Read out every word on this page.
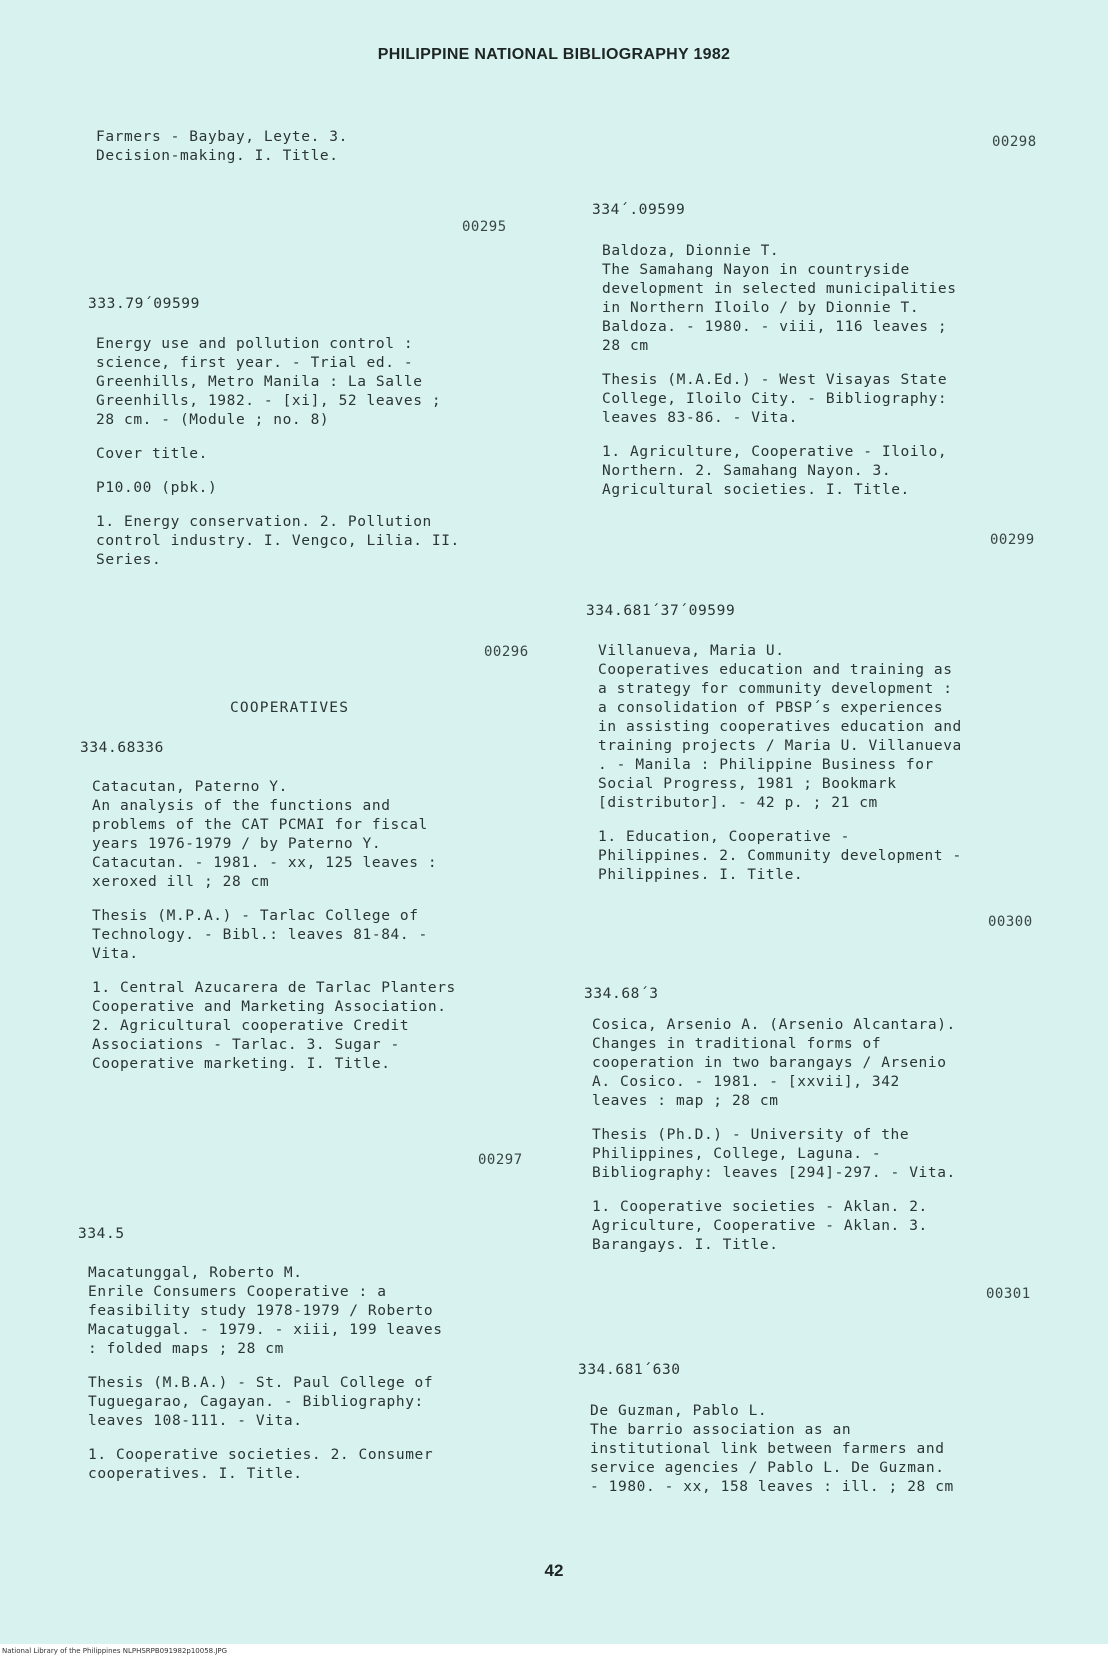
PHILIPPINE NATIONAL BIBLIOGRAPHY 1982

Farmers - Baybay, Leyte. 3.
Decision-making. I. Title.

00295
333.79´09599

Energy use and pollution control :
science, first year. - Trial ed. -
Greenhills, Metro Manila : La Salle
Greenhills, 1982. - [xi], 52 leaves ;
28 cm. - (Module ; no. 8)

Cover title.

P10.00 (pbk.)

1. Energy conservation. 2. Pollution
control industry. I. Vengco, Lilia. II.
Series.

00296
COOPERATIVES
334.68336

Catacutan, Paterno Y.
An analysis of the functions and
problems of the CAT PCMAI for fiscal
years 1976-1979 / by Paterno Y.
Catacutan. - 1981. - xx, 125 leaves :
xeroxed ill ; 28 cm

Thesis (M.P.A.) - Tarlac College of
Technology. - Bibl.: leaves 81-84. -
Vita.

1. Central Azucarera de Tarlac Planters
Cooperative and Marketing Association.
2. Agricultural cooperative Credit
Associations - Tarlac. 3. Sugar -
Cooperative marketing. I. Title.

00297
334.5

Macatunggal, Roberto M.
Enrile Consumers Cooperative : a
feasibility study 1978-1979 / Roberto
Macatuggal. - 1979. - xiii, 199 leaves
: folded maps ; 28 cm

Thesis (M.B.A.) - St. Paul College of
Tuguegarao, Cagayan. - Bibliography:
leaves 108-111. - Vita.

1. Cooperative societies. 2. Consumer
cooperatives. I. Title.

00298
334´.09599

Baldoza, Dionnie T.
The Samahang Nayon in countryside
development in selected municipalities
in Northern Iloilo / by Dionnie T.
Baldoza. - 1980. - viii, 116 leaves ;
28 cm

Thesis (M.A.Ed.) - West Visayas State
College, Iloilo City. - Bibliography:
leaves 83-86. - Vita.

1. Agriculture, Cooperative - Iloilo,
Northern. 2. Samahang Nayon. 3.
Agricultural societies. I. Title.

00299
334.681´37´09599

Villanueva, Maria U.
Cooperatives education and training as
a strategy for community development :
a consolidation of PBSP´s experiences
in assisting cooperatives education and
training projects / Maria U. Villanueva
. - Manila : Philippine Business for
Social Progress, 1981 ; Bookmark
[distributor]. - 42 p. ; 21 cm

1. Education, Cooperative -
Philippines. 2. Community development -
Philippines. I. Title.

00300
334.68´3

Cosica, Arsenio A. (Arsenio Alcantara).
Changes in traditional forms of
cooperation in two barangays / Arsenio
A. Cosico. - 1981. - [xxvii], 342
leaves : map ; 28 cm

Thesis (Ph.D.) - University of the
Philippines, College, Laguna. -
Bibliography: leaves [294]-297. - Vita.

1. Cooperative societies - Aklan. 2.
Agriculture, Cooperative - Aklan. 3.
Barangays. I. Title.

00301
334.681´630

De Guzman, Pablo L.
The barrio association as an
institutional link between farmers and
service agencies / Pablo L. De Guzman.
- 1980. - xx, 158 leaves : ill. ; 28 cm

42
National Library of the Philippines NLPHSRPB091982p10058.JPG
